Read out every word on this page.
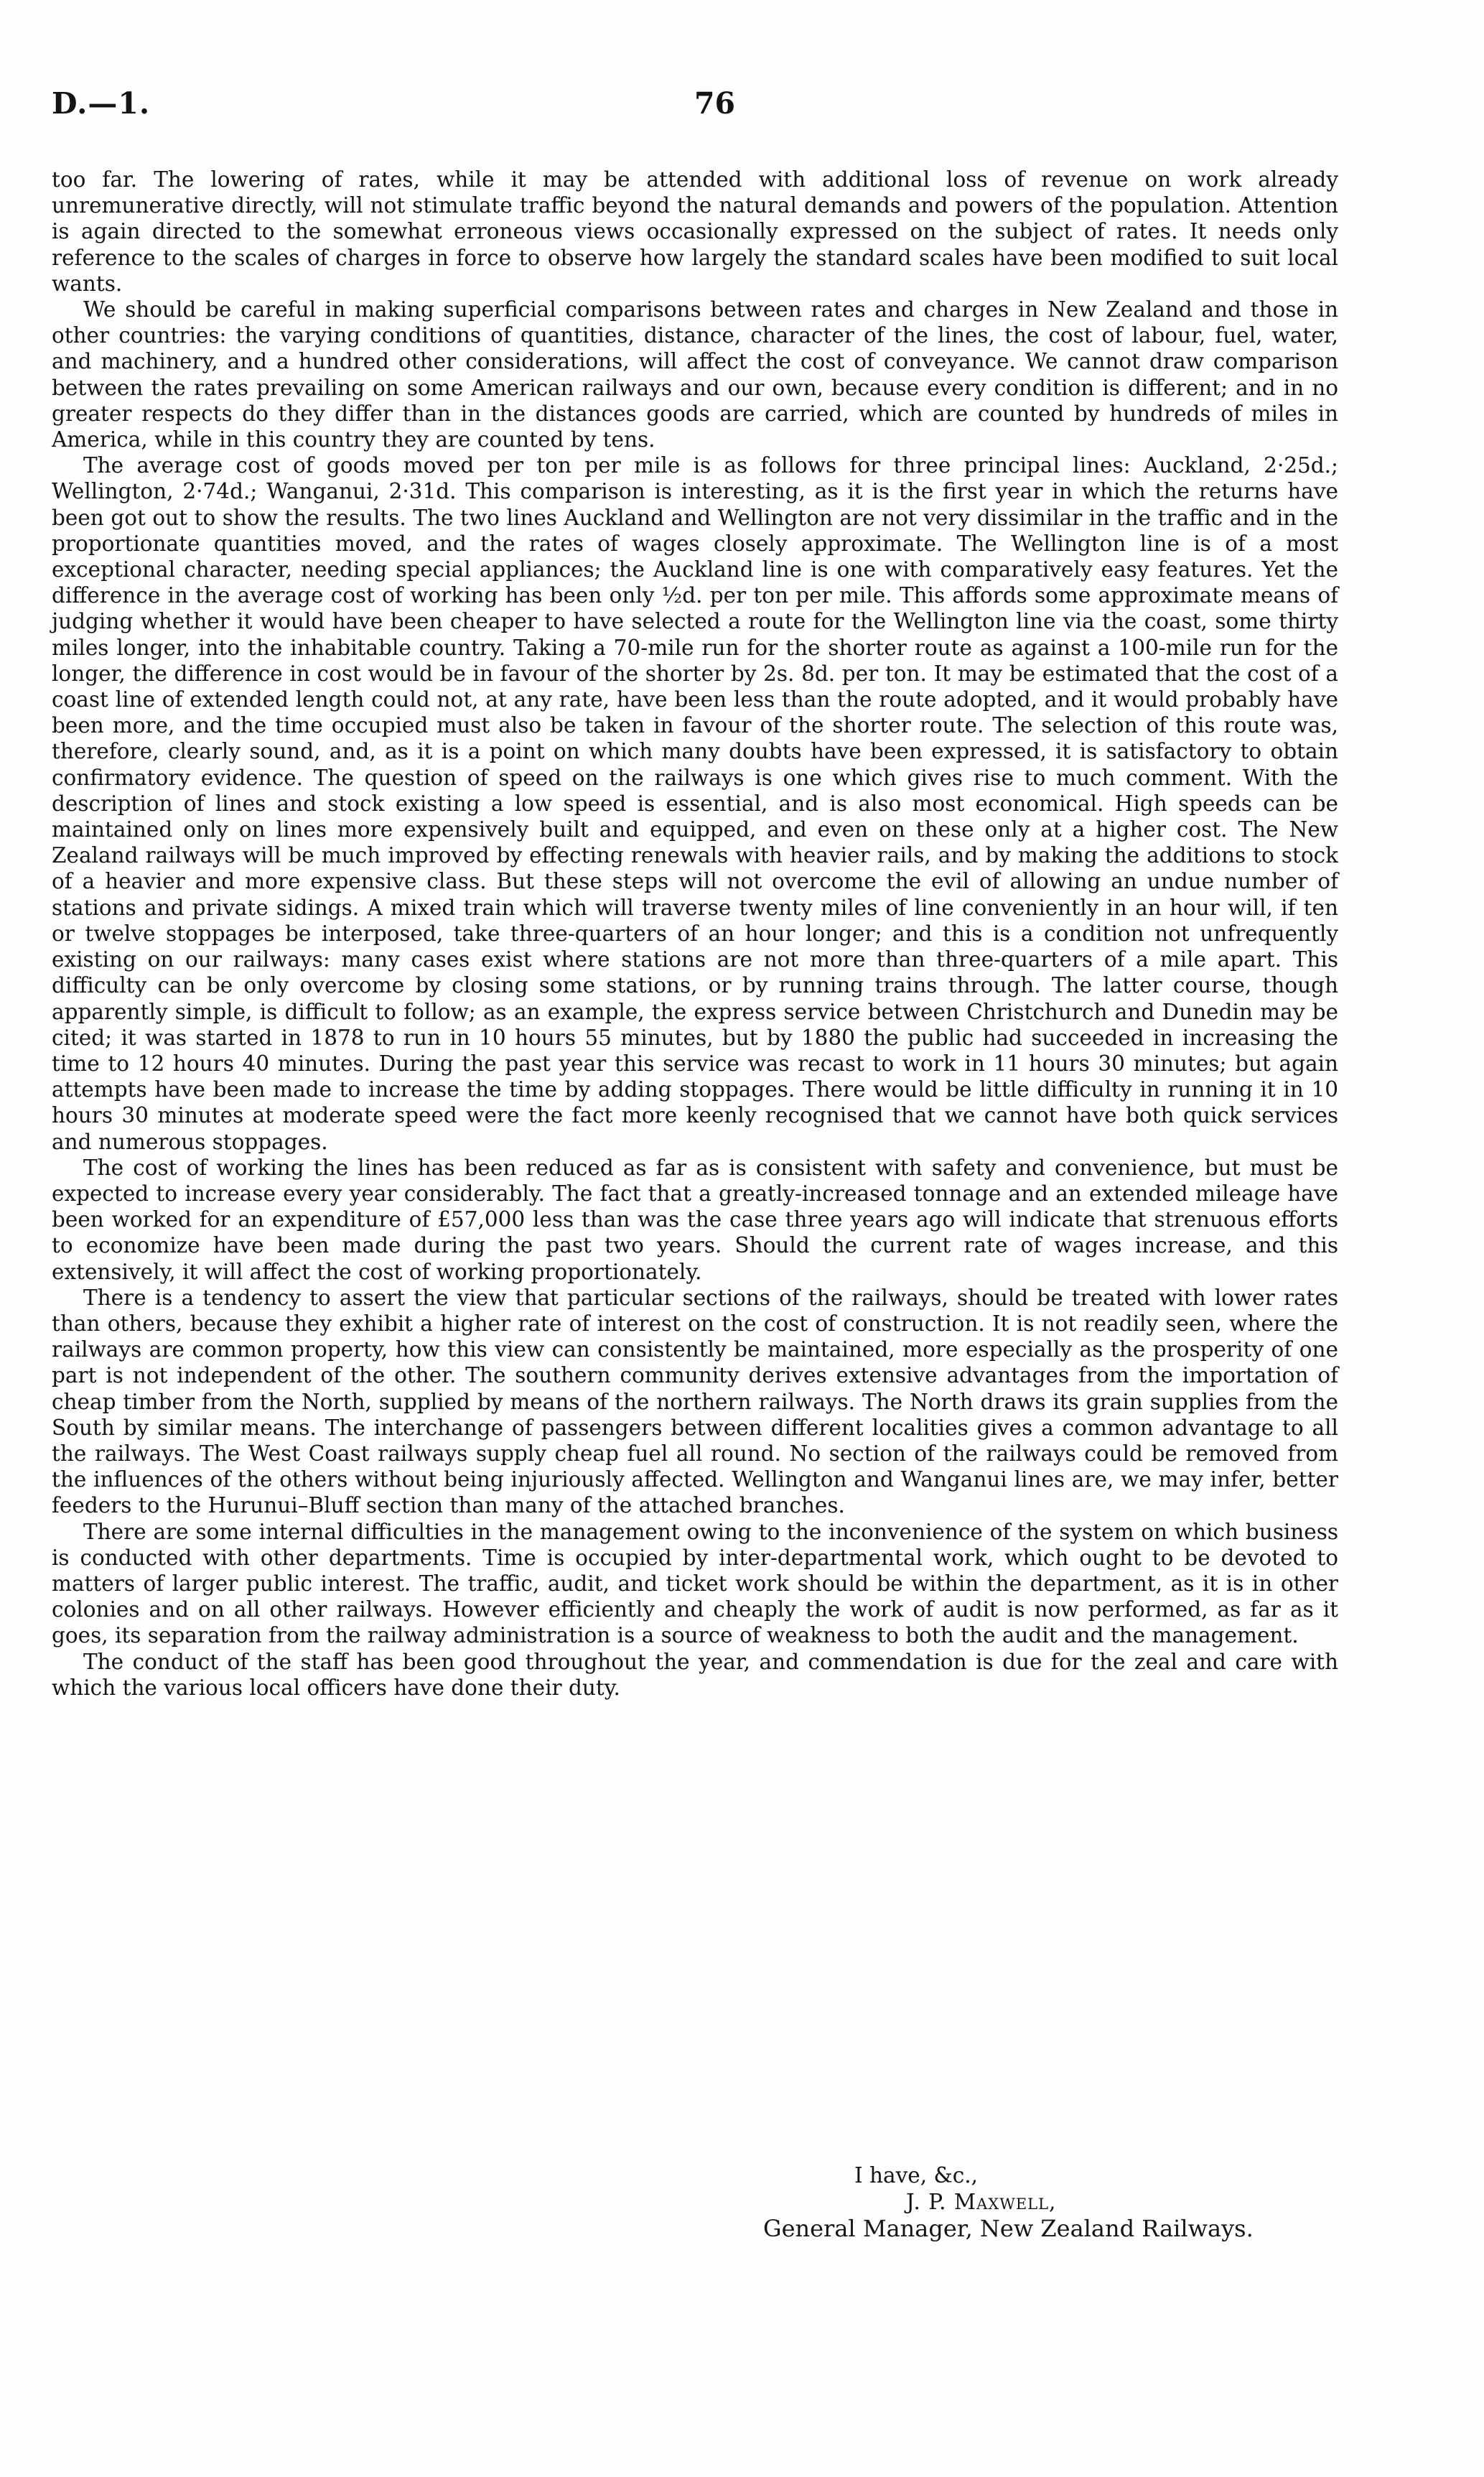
D.—1.	76

too far. The lowering of rates, while it may be attended with additional loss of revenue on work already unremunerative directly, will not stimulate traffic beyond the natural demands and powers of the population. Attention is again directed to the somewhat erroneous views occasionally expressed on the subject of rates. It needs only reference to the scales of charges in force to observe how largely the standard scales have been modified to suit local wants.

We should be careful in making superficial comparisons between rates and charges in New Zealand and those in other countries: the varying conditions of quantities, distance, character of the lines, the cost of labour, fuel, water, and machinery, and a hundred other considerations, will affect the cost of conveyance. We cannot draw comparison between the rates prevailing on some American railways and our own, because every condition is different; and in no greater respects do they differ than in the distances goods are carried, which are counted by hundreds of miles in America, while in this country they are counted by tens.

The average cost of goods moved per ton per mile is as follows for three principal lines: Auckland, 2·25d.; Wellington, 2·74d.; Wanganui, 2·31d. This comparison is interesting, as it is the first year in which the returns have been got out to show the results. The two lines Auckland and Wellington are not very dissimilar in the traffic and in the proportionate quantities moved, and the rates of wages closely approximate. The Wellington line is of a most exceptional character, needing special appliances; the Auckland line is one with comparatively easy features. Yet the difference in the average cost of working has been only ½d. per ton per mile. This affords some approximate means of judging whether it would have been cheaper to have selected a route for the Wellington line via the coast, some thirty miles longer, into the inhabitable country. Taking a 70-mile run for the shorter route as against a 100-mile run for the longer, the difference in cost would be in favour of the shorter by 2s. 8d. per ton. It may be estimated that the cost of a coast line of extended length could not, at any rate, have been less than the route adopted, and it would probably have been more, and the time occupied must also be taken in favour of the shorter route. The selection of this route was, therefore, clearly sound, and, as it is a point on which many doubts have been expressed, it is satisfactory to obtain confirmatory evidence. The question of speed on the railways is one which gives rise to much comment. With the description of lines and stock existing a low speed is essential, and is also most economical. High speeds can be maintained only on lines more expensively built and equipped, and even on these only at a higher cost. The New Zealand railways will be much improved by effecting renewals with heavier rails, and by making the additions to stock of a heavier and more expensive class. But these steps will not overcome the evil of allowing an undue number of stations and private sidings. A mixed train which will traverse twenty miles of line conveniently in an hour will, if ten or twelve stoppages be interposed, take three-quarters of an hour longer; and this is a condition not unfrequently existing on our railways: many cases exist where stations are not more than three-quarters of a mile apart. This difficulty can be only overcome by closing some stations, or by running trains through. The latter course, though apparently simple, is difficult to follow; as an example, the express service between Christchurch and Dunedin may be cited; it was started in 1878 to run in 10 hours 55 minutes, but by 1880 the public had succeeded in increasing the time to 12 hours 40 minutes. During the past year this service was recast to work in 11 hours 30 minutes; but again attempts have been made to increase the time by adding stoppages. There would be little difficulty in running it in 10 hours 30 minutes at moderate speed were the fact more keenly recognised that we cannot have both quick services and numerous stoppages.

The cost of working the lines has been reduced as far as is consistent with safety and convenience, but must be expected to increase every year considerably. The fact that a greatly-increased tonnage and an extended mileage have been worked for an expenditure of £57,000 less than was the case three years ago will indicate that strenuous efforts to economize have been made during the past two years. Should the current rate of wages increase, and this extensively, it will affect the cost of working proportionately.

There is a tendency to assert the view that particular sections of the railways, should be treated with lower rates than others, because they exhibit a higher rate of interest on the cost of construction. It is not readily seen, where the railways are common property, how this view can consistently be maintained, more especially as the prosperity of one part is not independent of the other. The southern community derives extensive advantages from the importation of cheap timber from the North, supplied by means of the northern railways. The North draws its grain supplies from the South by similar means. The interchange of passengers between different localities gives a common advantage to all the railways. The West Coast railways supply cheap fuel all round. No section of the railways could be removed from the influences of the others without being injuriously affected. Wellington and Wanganui lines are, we may infer, better feeders to the Hurunui–Bluff section than many of the attached branches.

There are some internal difficulties in the management owing to the inconvenience of the system on which business is conducted with other departments. Time is occupied by inter-departmental work, which ought to be devoted to matters of larger public interest. The traffic, audit, and ticket work should be within the department, as it is in other colonies and on all other railways. However efficiently and cheaply the work of audit is now performed, as far as it goes, its separation from the railway administration is a source of weakness to both the audit and the management.

The conduct of the staff has been good throughout the year, and commendation is due for the zeal and care with which the various local officers have done their duty.

I have, &c.,
J. P. Maxwell,
General Manager, New Zealand Railways.
